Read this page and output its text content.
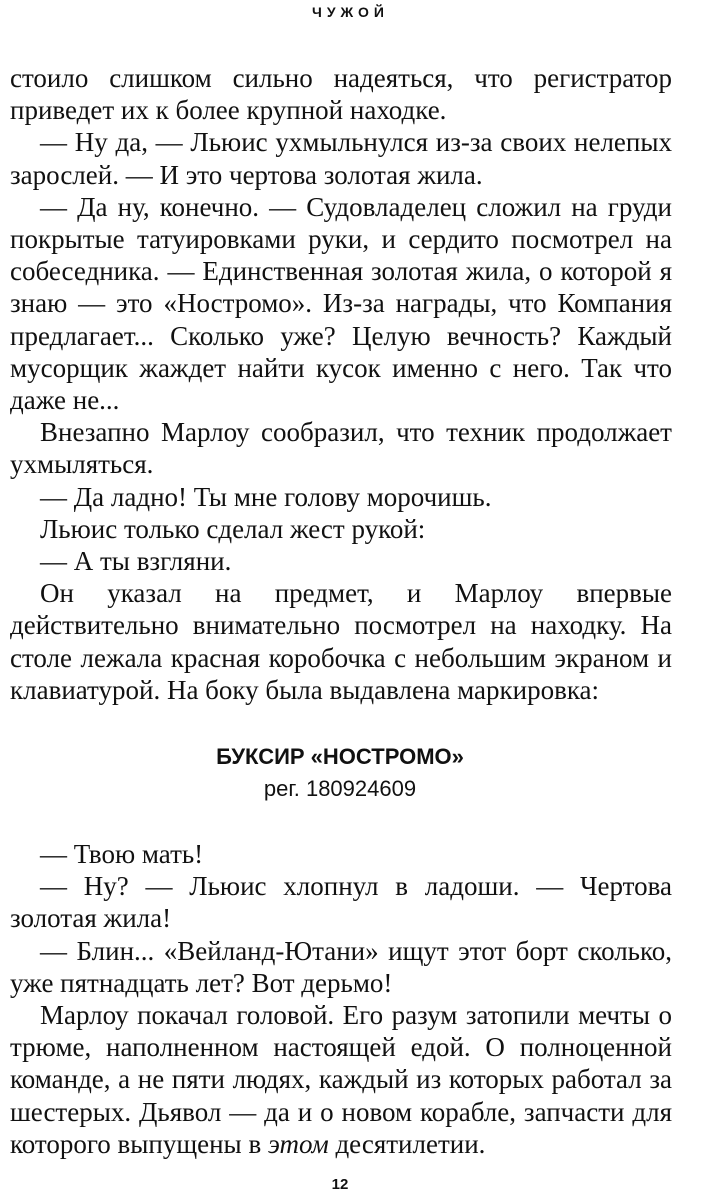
ЧУЖОЙ

стоило слишком сильно надеяться, что регистратор приведет их к более крупной находке.

— Ну да, — Льюис ухмыльнулся из-за своих нелепых зарослей. — И это чертова золотая жила.

— Да ну, конечно. — Судовладелец сложил на груди покрытые татуировками руки, и сердито посмотрел на собеседника. — Единственная золотая жила, о которой я знаю — это «Ностромо». Из-за награды, что Компания предлагает... Сколько уже? Целую вечность? Каждый мусорщик жаждет найти кусок именно с него. Так что даже не...

Внезапно Марлоу сообразил, что техник продолжает ухмыляться.

— Да ладно! Ты мне голову морочишь.

Льюис только сделал жест рукой:

— А ты взгляни.

Он указал на предмет, и Марлоу впервые действительно внимательно посмотрел на находку. На столе лежала красная коробочка с небольшим экраном и клавиатурой. На боку была выдавлена маркировка:

БУКСИР «НОСТРОМО»
рег. 180924609

— Твою мать!

— Ну? — Льюис хлопнул в ладоши. — Чертова золотая жила!

— Блин... «Вейланд-Ютани» ищут этот борт сколько, уже пятнадцать лет? Вот дерьмо!

Марлоу покачал головой. Его разум затопили мечты о трюме, наполненном настоящей едой. О полноценной команде, а не пяти людях, каждый из которых работал за шестерых. Дьявол — да и о новом корабле, запчасти для которого выпущены в этом десятилетии.

12
